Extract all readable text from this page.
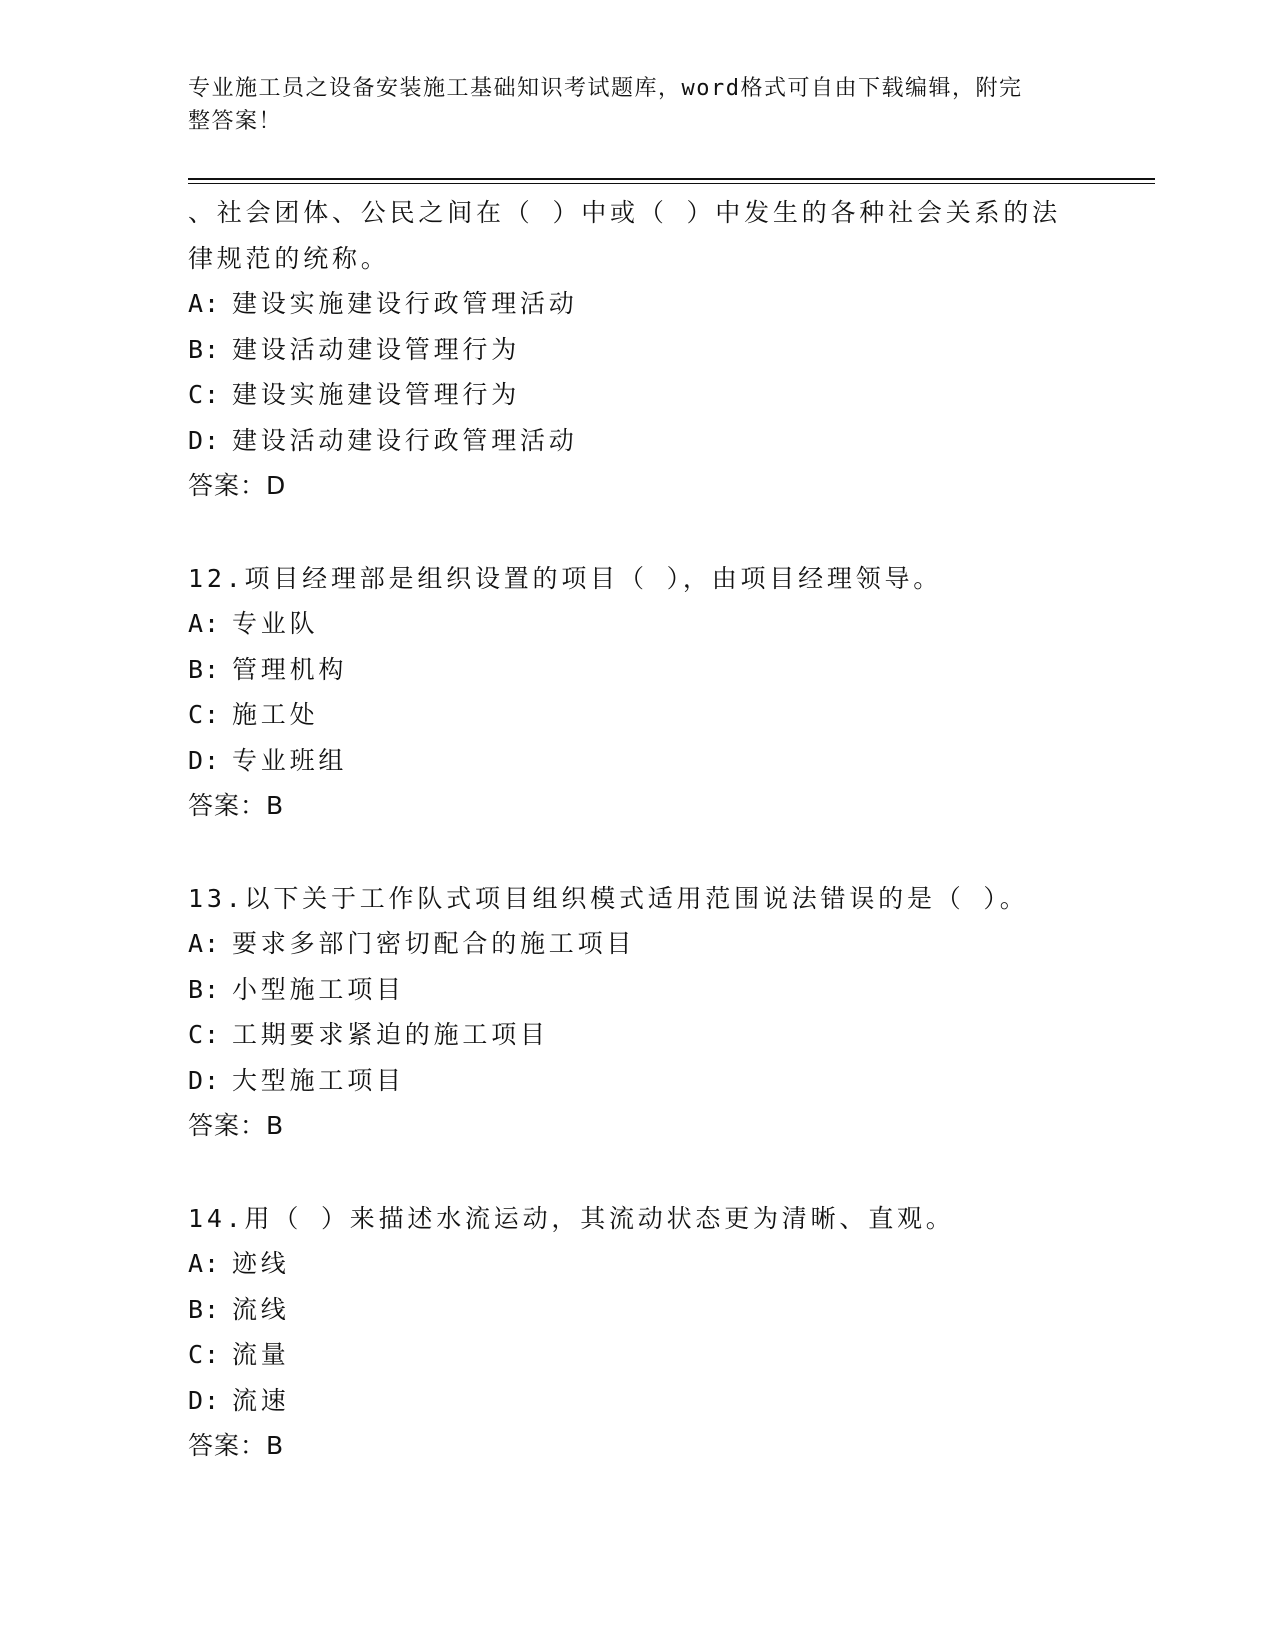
专业施工员之设备安装施工基础知识考试题库，word格式可自由下载编辑，附完
整答案！
、社会团体、公民之间在（ ）中或（ ）中发生的各种社会关系的法
律规范的统称。
A: 建设实施建设行政管理活动
B: 建设活动建设管理行为
C: 建设实施建设管理行为
D: 建设活动建设行政管理活动
答案：D
12.项目经理部是组织设置的项目（ ），由项目经理领导。
A: 专业队
B: 管理机构
C: 施工处
D: 专业班组
答案：B
13.以下关于工作队式项目组织模式适用范围说法错误的是（ ）。
A: 要求多部门密切配合的施工项目
B: 小型施工项目
C: 工期要求紧迫的施工项目
D: 大型施工项目
答案：B
14.用（ ）来描述水流运动，其流动状态更为清晰、直观。
A: 迹线
B: 流线
C: 流量
D: 流速
答案：B
